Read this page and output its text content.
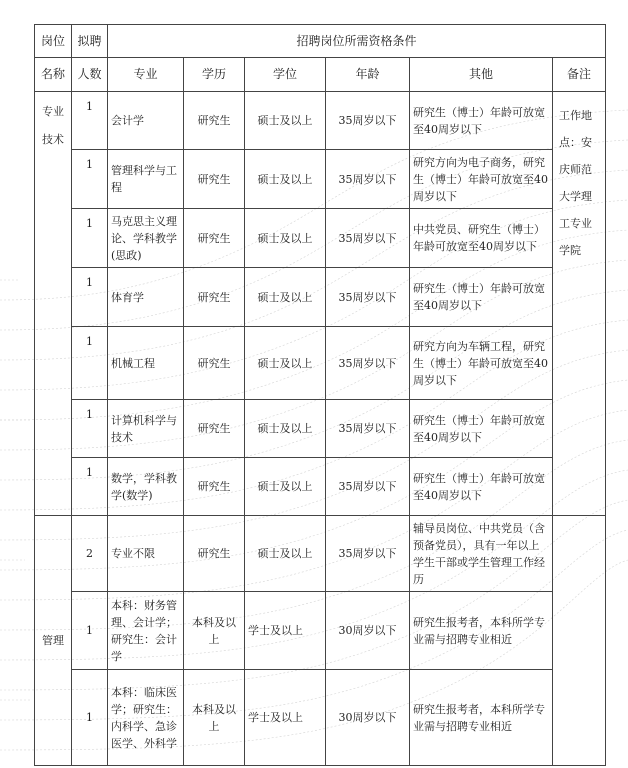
岗位	拟聘	招聘岗位所需资格条件					
名称	人数	专业	学历	学位	年龄	其他	备注
专业技术	1	会计学	研究生	硕士及以上	35周岁以下	研究生（博士）年龄可放宽至40周岁以下	工作地点：安庆师范大学理工专业学院
	1	管理科学与工程	研究生	硕士及以上	35周岁以下	研究方向为电子商务，研究生（博士）年龄可放宽至40周岁以下	
	1	马克思主义理论、学科教学(思政)	研究生	硕士及以上	35周岁以下	中共党员、研究生（博士）年龄可放宽至40周岁以下	
	1	体育学	研究生	硕士及以上	35周岁以下	研究生（博士）年龄可放宽至40周岁以下	
	1	机械工程	研究生	硕士及以上	35周岁以下	研究方向为车辆工程，研究生（博士）年龄可放宽至40周岁以下	
	1	计算机科学与技术	研究生	硕士及以上	35周岁以下	研究生（博士）年龄可放宽至40周岁以下	
	1	数学，学科教学(数学)	研究生	硕士及以上	35周岁以下	研究生（博士）年龄可放宽至40周岁以下	
管理	2	专业不限	研究生	硕士及以上	35周岁以下	辅导员岗位、中共党员（含预备党员），具有一年以上学生干部或学生管理工作经历	
	1	本科：财务管理、会计学；研究生：会计学	本科及以上	学士及以上	30周岁以下	研究生报考者，本科所学专业需与招聘专业相近	
	1	本科：临床医学；研究生：内科学、急诊医学、外科学	本科及以上	学士及以上	30周岁以下	研究生报考者，本科所学专业需与招聘专业相近	
